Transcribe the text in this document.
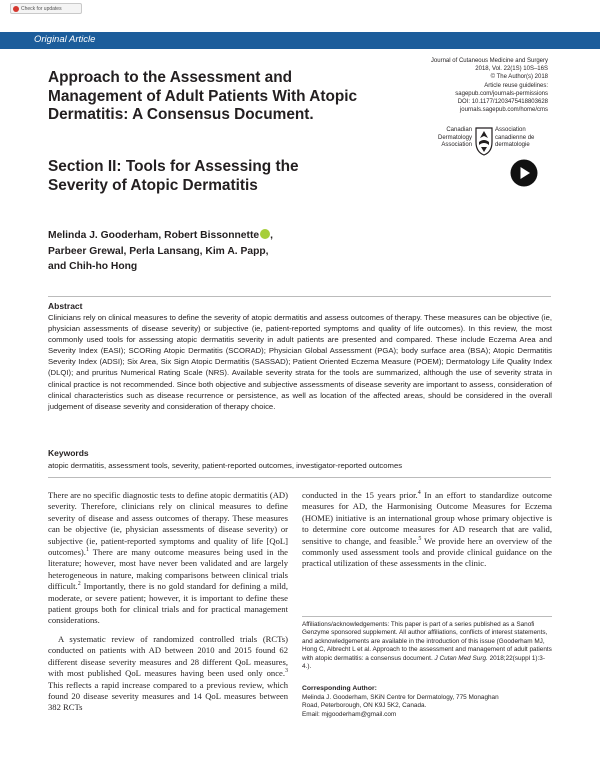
Check for updates
Original Article
Approach to the Assessment and Management of Adult Patients With Atopic Dermatitis: A Consensus Document.
Section II: Tools for Assessing the Severity of Atopic Dermatitis
Journal of Cutaneous Medicine and Surgery
2018, Vol. 22(1S) 10S–16S
© The Author(s) 2018
Article reuse guidelines:
sagepub.com/journals-permissions
DOI: 10.1177/1203475418803628
journals.sagepub.com/home/cms
Canadian
Dermatology
Association
Association
canadienne de
dermatologie
Melinda J. Gooderham, Robert Bissonnette ,
Parbeer Grewal, Perla Lansang, Kim A. Papp,
and Chih-ho Hong
Abstract
Clinicians rely on clinical measures to define the severity of atopic dermatitis and assess outcomes of therapy. These measures can be objective (ie, physician assessments of disease severity) or subjective (ie, patient-reported symptoms and quality of life outcomes). In this review, the most commonly used tools for assessing atopic dermatitis severity in adult patients are presented and compared. These include Eczema Area and Severity Index (EASI); SCORing Atopic Dermatitis (SCORAD); Physician Global Assessment (PGA); body surface area (BSA); Atopic Dermatitis Severity Index (ADSI); Six Area, Six Sign Atopic Dermatitis (SASSAD); Patient Oriented Eczema Measure (POEM); Dermatology Life Quality Index (DLQI); and pruritus Numerical Rating Scale (NRS). Available severity strata for the tools are summarized, although the use of severity strata in clinical practice is not recommended. Since both objective and subjective assessments of disease severity are important to assess, consideration of clinical characteristics such as disease recurrence or persistence, as well as location of the affected areas, should be considered in the overall judgement of disease severity and consideration of therapy choice.
Keywords
atopic dermatitis, assessment tools, severity, patient-reported outcomes, investigator-reported outcomes

There are no specific diagnostic tests to define atopic dermatitis (AD) severity. Therefore, clinicians rely on clinical measures to define severity of disease and assess outcomes of therapy. These measures can be objective (ie, physician assessments of disease severity) or subjective (ie, patient-reported symptoms and quality of life [QoL] outcomes).$^1$ There are many outcome measures being used in the literature; however, most have never been validated and are largely heterogeneous in nature, making comparisons between clinical trials difficult.$^2$ Importantly, there is no gold standard for defining a mild, moderate, or severe patient; however, it is important to define these patient groups both for clinical trials and for practical management considerations.

A systematic review of randomized controlled trials (RCTs) conducted on patients with AD between 2010 and 2015 found 62 different disease severity measures and 28 different QoL measures, with most published QoL measures having been used only once.$^3$ This reflects a rapid increase compared to a previous review, which found 20 disease severity measures and 14 QoL measures between 382 RCTs

conducted in the 15 years prior.$^4$ In an effort to standardize outcome measures for AD, the Harmonising Outcome Measures for Eczema (HOME) initiative is an international group whose primary objective is to determine core outcome measures for AD research that are valid, sensitive to change, and feasible.$^5$ We provide here an overview of the commonly used assessment tools and provide clinical guidance on the practical utilization of these assessments in the clinic.

Affiliations/acknowledgements: This paper is part of a series published as a Sanofi Genzyme sponsored supplement. All author affiliations, conflicts of interest statements, and acknowledgements are available in the introduction of this issue (Gooderham MJ, Hong C, Albrecht L et al. Approach to the assessment and management of adult patients with atopic dermatitis: a consensus document. J Cutan Med Surg. 2018;22(suppl 1):3-4.).
Corresponding Author:
Melinda J. Gooderham, SKiN Centre for Dermatology, 775 Monaghan
Road, Peterborough, ON K9J 5K2, Canada.
Email: mjgooderham@gmail.com
